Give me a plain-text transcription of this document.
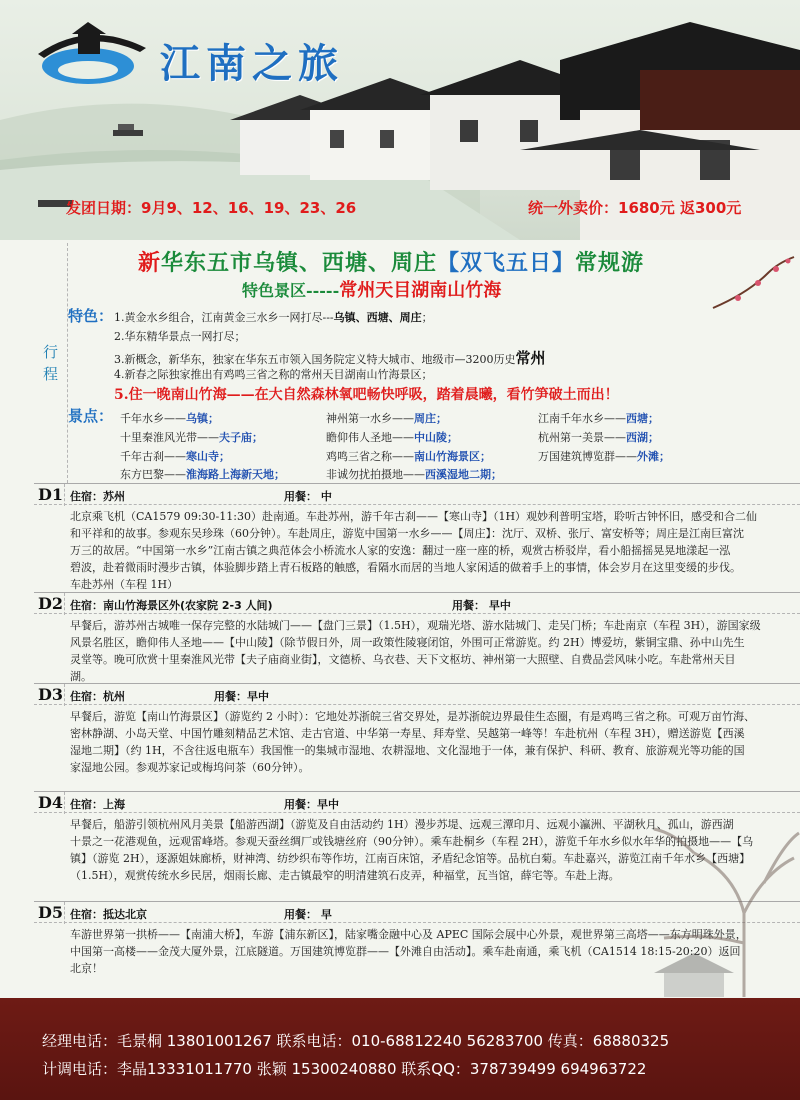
江南之旅
发团日期：9月9、12、16、19、23、26	统一外卖价：1680元 返300元
行
程
新华东五市乌镇、西塘、周庄【双飞五日】常规游
特色景区-----常州天目湖南山竹海
特色： 1.黄金水乡组合，江南黄金三水乡一网打尽---乌镇、西塘、周庄；
2.华东精华景点一网打尽；
3.新概念，新华东，独家在华东五市领入国务院定义特大城市、地级市—3200历史常州
4.新春之际独家推出有鸡鸣三省之称的常州天目湖南山竹海景区；
5.住一晚南山竹海——在大自然森林氧吧畅快呼吸，踏着晨曦，看竹笋破土而出！
景点： 千年水乡——乌镇；	神州第一水乡——周庄；	江南千年水乡——西塘；
十里秦淮风光带——夫子庙；	瞻仰伟人圣地——中山陵；	杭州第一美景——西湖；
千年古刹——寒山寺；	鸡鸣三省之称——南山竹海景区；	万国建筑博览群——外滩；
东方巴黎——淮海路上海新天地；	非诚勿扰拍摄地——西溪湿地二期；
D1 住宿：苏州	用餐： 中
北京乘飞机（CA1579 09:30-11:30）赴南通。车赴苏州，游千年古刹——【寒山寺】（1H）观妙利普明宝塔，聆听古钟怀旧，感受和合二仙
和平祥和的故事。参观东吴珍珠（60分钟）。车赴周庄，游览中国第一水乡——【周庄】：沈厅、双桥、张厅、富安桥等；周庄是江南巨富沈
万三的故居。“中国第一水乡”江南古镇之典范体会小桥流水人家的安逸：翻过一座一座的桥，观赏古桥驳岸，看小船摇摇晃晃地漾起一泓
碧波，赴着微雨时漫步古镇，体验脚步踏上青石板路的触感，看隔水而居的当地人家闲适的做着手上的事情，体会岁月在这里变缓的步伐。
车赴苏州（车程 1H）
D2 住宿：南山竹海景区外(农家院 2-3 人间)	用餐： 早中
早餐后，游苏州古城唯一保存完整的水陆城门——【盘门三景】（1.5H），观瑞光塔、游水陆城门、走吴门桥；车赴南京（车程 3H），游国家级
风景名胜区，瞻仰伟人圣地——【中山陵】（除节假日外，周一政策性陵寝闭馆，外围可正常游览。约 2H）博爱坊，紫铜宝鼎、孙中山先生
灵堂等。晚可欣赏十里秦淮风光带【夫子庙商业街】，文德桥、乌衣巷、天下文枢坊、神州第一大照壁、自费品尝风味小吃。车赴常州天目
湖。
D3 住宿：杭州	用餐：早中
早餐后，游览【南山竹海景区】（游览约 2 小时）：它地处苏浙皖三省交界处，是苏浙皖边界最佳生态圈，有是鸡鸣三省之称。可观万亩竹海、
密林静湖、小岛天堂、中国竹雕刻精品艺术馆、走古官道、中华第一寿星、拜寿堂、吴越第一峰等！车赴杭州（车程 3H），赠送游览【西溪
湿地二期】（约 1H，不含往返电瓶车）我国惟一的集城市湿地、农耕湿地、文化湿地于一体，兼有保护、科研、教育、旅游观光等功能的国
家湿地公园。参观苏家记或梅坞问茶（60分钟）。
D4 住宿：上海	用餐：早中
早餐后，船游引领杭州风月美景【船游西湖】（游览及自由活动约 1H）漫步苏堤、远观三潭印月、远观小瀛洲、平湖秋月、孤山，游西湖
十景之一花港观鱼，远观雷峰塔。参观天蚕丝绸厂或钱塘丝府（90分钟）。乘车赴桐乡（车程 2H），游览千年水乡似水年华的拍摄地——【乌
镇】（游览 2H），逐源姐妹廊桥，财神湾、纺纱织布等作坊，江南百床馆，矛盾纪念馆等。品杭白菊。车赴嘉兴，游览江南千年水乡【西塘】
（1.5H），观赏传统水乡民居，烟雨长廊、走古镇最窄的明清建筑石皮弄，种福堂，瓦当馆，薛宅等。车赴上海。
D5 住宿：抵达北京	用餐： 早
车游世界第一拱桥——【南浦大桥】，车游【浦东新区】，陆家嘴金融中心及 APEC 国际会展中心外景，观世界第三高塔——东方明珠外景，
中国第一高楼——金茂大厦外景，江底隧道。万国建筑博览群——【外滩自由活动】。乘车赴南通，乘飞机（CA1514 18:15-20:20）返回
北京！
经理电话：毛景桐 13801001267 联系电话：010-68812240 56283700 传真：68880325
计调电话：李晶13331011770 张颖 15300240880 联系QQ：378739499 694963722
